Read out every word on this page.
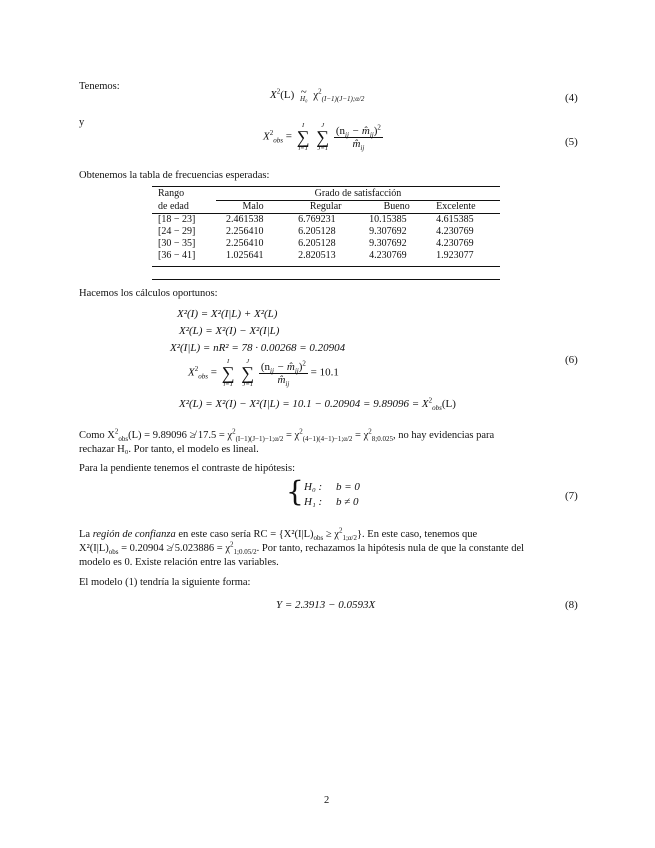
Tenemos:
$X^2(L)$ ~
H₀ $\chi^2_{(I-1)(J-1);\alpha/2}$	(4)
y
$X^2_{obs}$ =
I
∑
i=1

J
∑
J=1
$\frac{(n_{ij} - m̂_{ij})^2}{m̂_{ij}}$	(5)
Obtenemos la tabla de frecuencias esperadas:
Rango	Grado de satisfacción			
de edad	Malo	Regular	Bueno	Excelente

[18 − 23]	2.461538	6.769231	10.15385	4.615385
[24 − 29]	2.256410	6.205128	9.307692	4.230769
[30 − 35]	2.256410	6.205128	9.307692	4.230769
[36 − 41]	1.025641	2.820513	4.230769	1.923077
Hacemos los cálculos oportunos:
X²(I) = X²(I|L) + X²(L)
X²(L) = X²(I) − X²(I|L)
X²(I|L) = nR² = 78 · 0.00268 = 0.20904
$X^2_{obs}$ =
I
∑
i=1

J
∑
J=1
$\frac{(n_{ij} - m̂_{ij})^2}{m̂_{ij}} = 10.1$
$X^2(L) = X^2(I) - X^2(I|L) = 10.1 - 0.20904 = 9.89096 = X^2_{obs}(L)$
(6)
Como $X^2_{obs}(L) = 9.89096$ ≱ $17.5 = \chi^2_{(I-1)(J-1)-1;\alpha/2} = \chi^2_{(4-1)(4-1)-1;\alpha/2} = \chi^2_{8;0.025}$, no hay evidencias para
rechazar H₀. Por tanto, el modelo es lineal.
Para la pendiente tenemos el contraste de hipótesis:
{ H₀ : b = 0
H₁ : b ≠ 0	(7)
La región de confianza en este caso sería RC = $\{X^2(I|L)_{obs} \ge \chi^2_{1;\alpha/2}\}$. En este caso, tenemos que
$X^2(I|L)_{obs} = 0.20904$ ≱ $5.023886 = \chi^2_{1;0.05/2}$. Por tanto, rechazamos la hipótesis nula de que la constante del
modelo es 0. Existe relación entre las variables.
El modelo (1) tendría la siguiente forma:
Y = 2.3913 − 0.0593X	(8)
2
